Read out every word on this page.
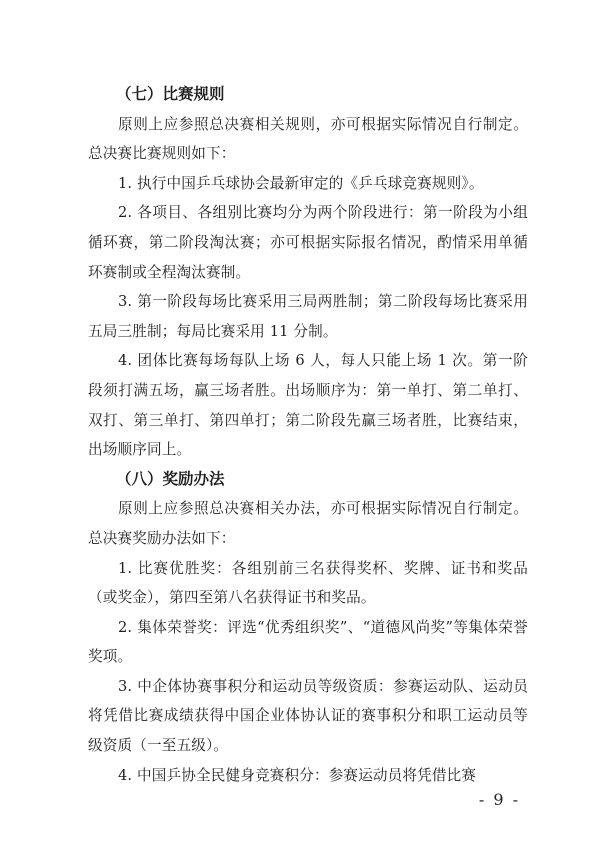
（七）比赛规则

原则上应参照总决赛相关规则，亦可根据实际情况自行制定。总决赛比赛规则如下：

1. 执行中国乒乓球协会最新审定的《乒乓球竞赛规则》。

2. 各项目、各组别比赛均分为两个阶段进行：第一阶段为小组循环赛，第二阶段淘汰赛；亦可根据实际报名情况，酌情采用单循环赛制或全程淘汰赛制。

3. 第一阶段每场比赛采用三局两胜制；第二阶段每场比赛采用五局三胜制；每局比赛采用 11 分制。

4. 团体比赛每场每队上场 6 人，每人只能上场 1 次。第一阶段须打满五场，赢三场者胜。出场顺序为：第一单打、第二单打、双打、第三单打、第四单打；第二阶段先赢三场者胜，比赛结束，出场顺序同上。

（八）奖励办法

原则上应参照总决赛相关办法，亦可根据实际情况自行制定。总决赛奖励办法如下：

1. 比赛优胜奖：各组别前三名获得奖杯、奖牌、证书和奖品（或奖金），第四至第八名获得证书和奖品。

2. 集体荣誉奖：评选“优秀组织奖”、“道德风尚奖”等集体荣誉奖项。

3. 中企体协赛事积分和运动员等级资质：参赛运动队、运动员将凭借比赛成绩获得中国企业体协认证的赛事积分和职工运动员等级资质（一至五级）。

4. 中国乒协全民健身竞赛积分：参赛运动员将凭借比赛

- 9 -
